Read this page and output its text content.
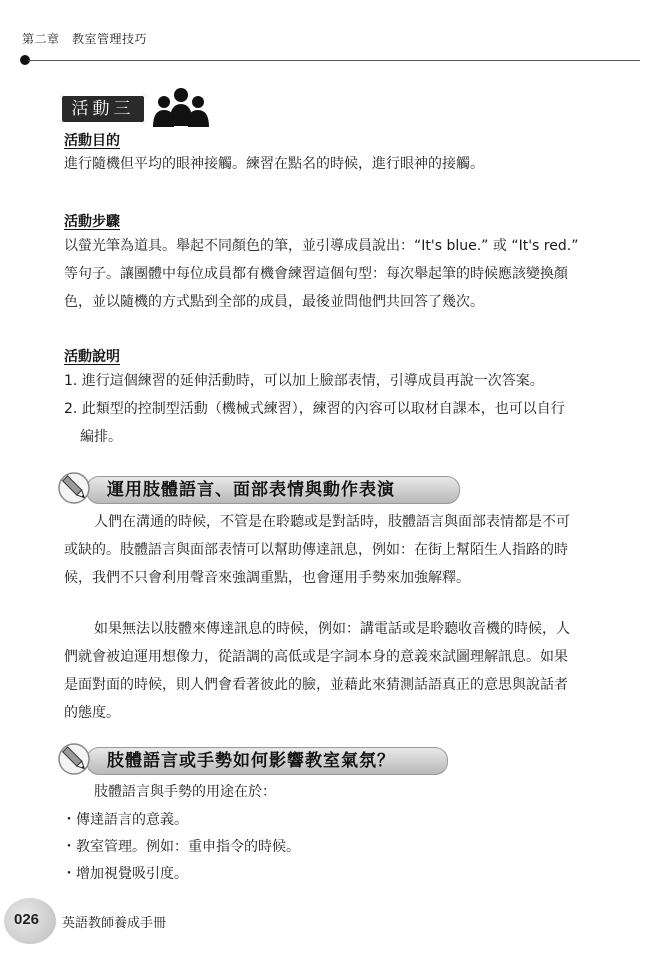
第二章　教室管理技巧
活動三
活動目的
進行隨機但平均的眼神接觸。練習在點名的時候，進行眼神的接觸。
活動步驟
以螢光筆為道具。舉起不同顏色的筆，並引導成員說出：“It's blue.” 或 “It's red.”
等句子。讓團體中每位成員都有機會練習這個句型：每次舉起筆的時候應該變換顏
色，並以隨機的方式點到全部的成員，最後並問他們共回答了幾次。
活動說明
1. 進行這個練習的延伸活動時，可以加上臉部表情，引導成員再說一次答案。
2. 此類型的控制型活動（機械式練習），練習的內容可以取材自課本，也可以自行
編排。
運用肢體語言、面部表情與動作表演
人們在溝通的時候，不管是在聆聽或是對話時，肢體語言與面部表情都是不可
或缺的。肢體語言與面部表情可以幫助傳達訊息，例如：在街上幫陌生人指路的時
候，我們不只會利用聲音來強調重點，也會運用手勢來加強解釋。
如果無法以肢體來傳達訊息的時候，例如：講電話或是聆聽收音機的時候，人
們就會被迫運用想像力，從語調的高低或是字詞本身的意義來試圖理解訊息。如果
是面對面的時候，則人們會看著彼此的臉，並藉此來猜測話語真正的意思與說話者
的態度。
肢體語言或手勢如何影響教室氣氛？
肢體語言與手勢的用途在於：
・傳達語言的意義。
・教室管理。例如：重申指令的時候。
・增加視覺吸引度。
026 英語教師養成手冊
